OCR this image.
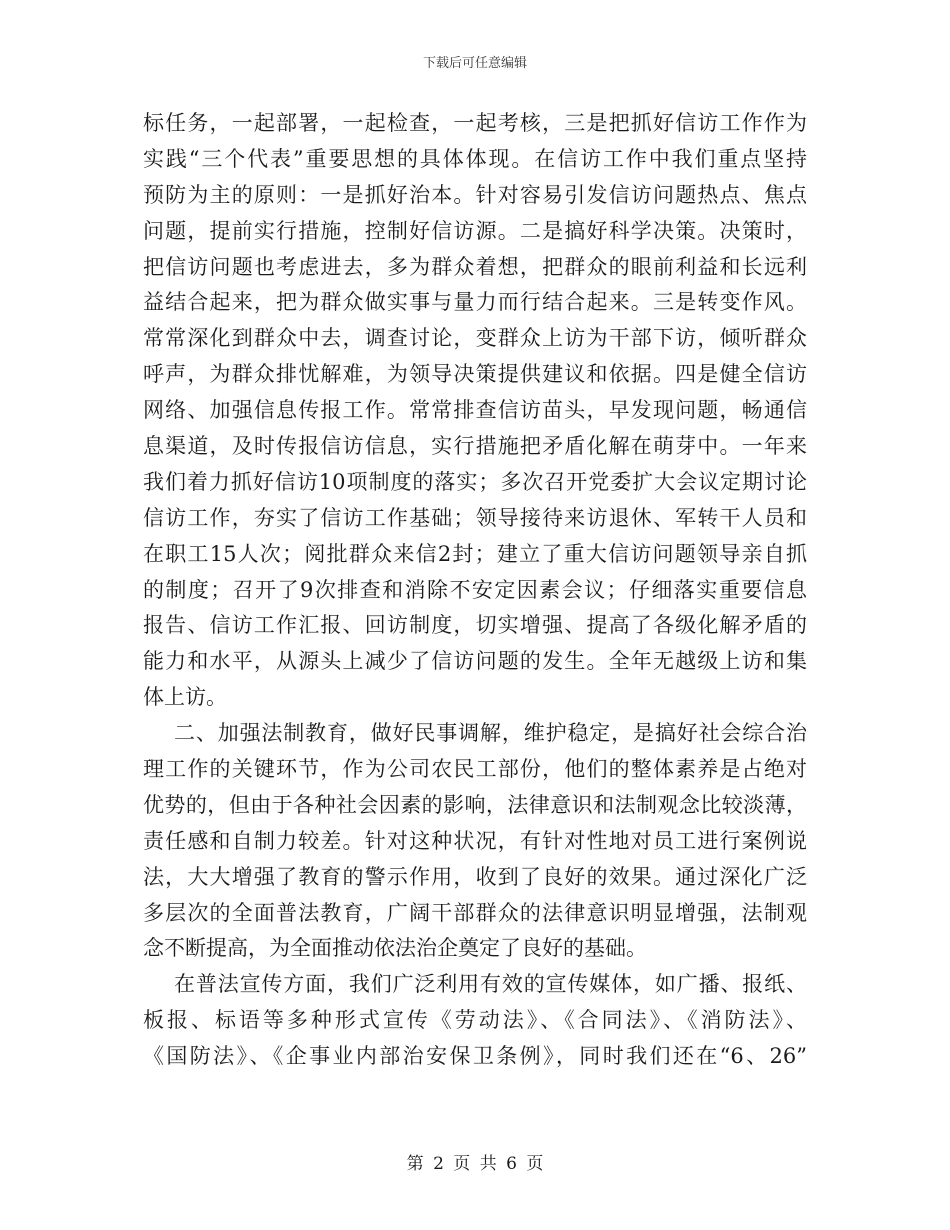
下载后可任意编辑
标任务，一起部署，一起检查，一起考核，三是把抓好信访工作作为
实践“三个代表”重要思想的具体体现。在信访工作中我们重点坚持
预防为主的原则：一是抓好治本。针对容易引发信访问题热点、焦点
问题，提前实行措施，控制好信访源。二是搞好科学决策。决策时，
把信访问题也考虑进去，多为群众着想，把群众的眼前利益和长远利
益结合起来，把为群众做实事与量力而行结合起来。三是转变作风。
常常深化到群众中去，调查讨论，变群众上访为干部下访，倾听群众
呼声，为群众排忧解难，为领导决策提供建议和依据。四是健全信访
网络、加强信息传报工作。常常排查信访苗头，早发现问题，畅通信
息渠道，及时传报信访信息，实行措施把矛盾化解在萌芽中。一年来
我们着力抓好信访10项制度的落实；多次召开党委扩大会议定期讨论
信访工作，夯实了信访工作基础；领导接待来访退休、军转干人员和
在职工15人次；阅批群众来信2封；建立了重大信访问题领导亲自抓
的制度；召开了9次排查和消除不安定因素会议；仔细落实重要信息
报告、信访工作汇报、回访制度，切实增强、提高了各级化解矛盾的
能力和水平，从源头上减少了信访问题的发生。全年无越级上访和集
体上访。
二、加强法制教育，做好民事调解，维护稳定，是搞好社会综合治
理工作的关键环节，作为公司农民工部份，他们的整体素养是占绝对
优势的，但由于各种社会因素的影响，法律意识和法制观念比较淡薄，
责任感和自制力较差。针对这种状况，有针对性地对员工进行案例说
法，大大增强了教育的警示作用，收到了良好的效果。通过深化广泛
多层次的全面普法教育，广阔干部群众的法律意识明显增强，法制观
念不断提高，为全面推动依法治企奠定了良好的基础。
在普法宣传方面，我们广泛利用有效的宣传媒体，如广播、报纸、
板报、标语等多种形式宣传《劳动法》、《合同法》、《消防法》、
《国防法》、《企事业内部治安保卫条例》，同时我们还在“6、26”
第 2 页 共 6 页
